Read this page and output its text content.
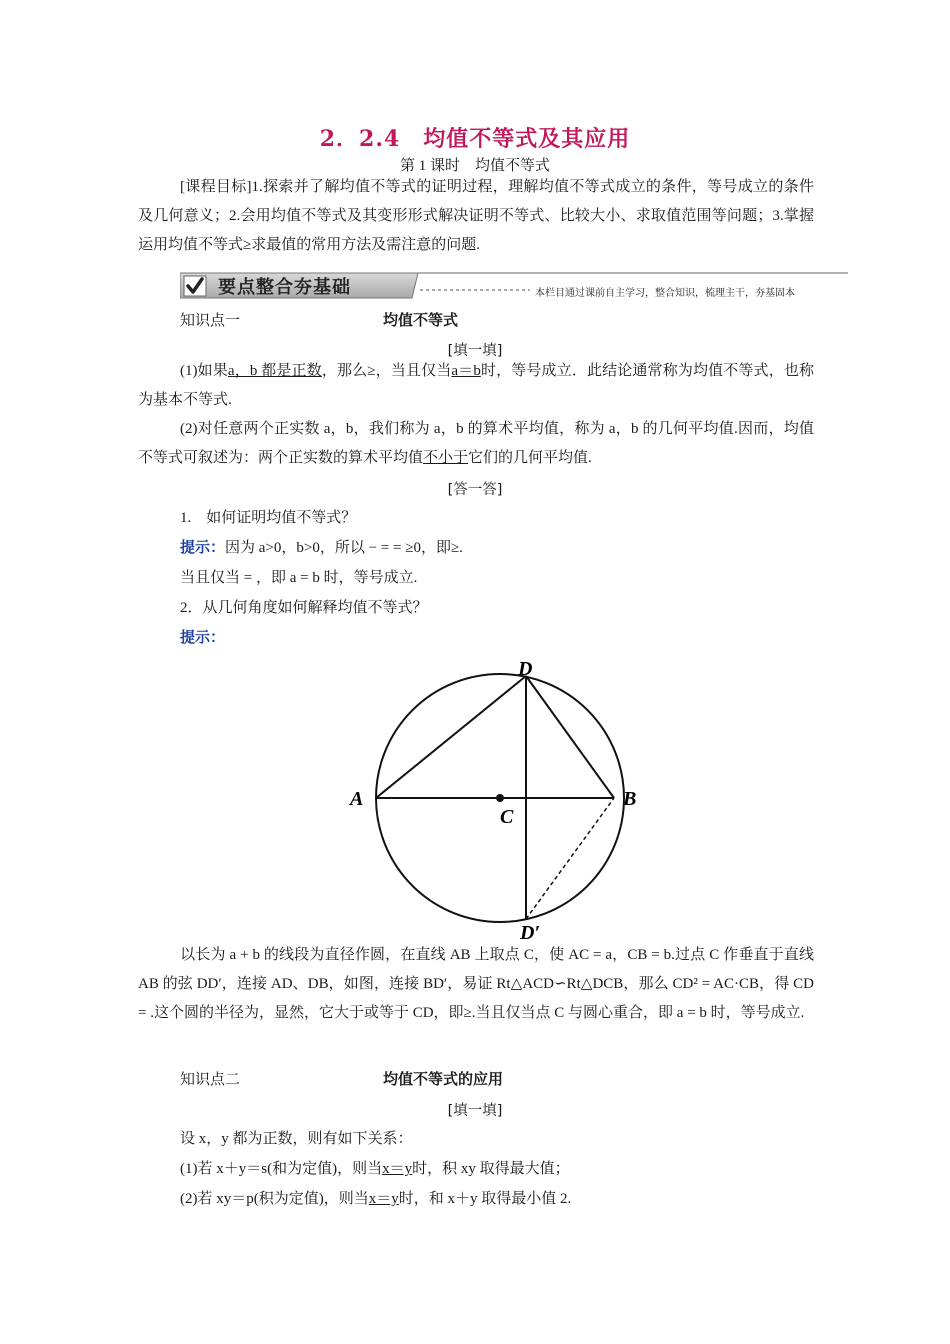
2．2.4　均值不等式及其应用
第 1 课时　均值不等式
[课程目标]1.探索并了解均值不等式的证明过程，理解均值不等式成立的条件，等号成立的条件及几何意义；2.会用均值不等式及其变形形式解决证明不等式、比较大小、求取值范围等问题；3.掌握运用均值不等式≥求最值的常用方法及需注意的问题.
要点整合夯基础	本栏目通过课前自主学习，整合知识，梳理主干，夯基固本
知识点一	均值不等式
[填一填]
(1)如果a，b 都是正数，那么≥，当且仅当a＝b时，等号成立．此结论通常称为均值不等式，也称为基本不等式.
(2)对任意两个正实数 a，b，我们称为 a，b 的算术平均值，称为 a，b 的几何平均值.因而，均值不等式可叙述为：两个正实数的算术平均值不小于它们的几何平均值.
[答一答]
1.　如何证明均值不等式？
提示：因为 a>0，b>0，所以 − = = ≥0，即≥.
当且仅当 = ，即 a = b 时，等号成立.
2．从几何角度如何解释均值不等式？
提示：
A	B
C
D
D′
以长为 a + b 的线段为直径作圆，在直线 AB 上取点 C，使 AC = a，CB = b.过点 C 作垂直于直线 AB 的弦 DD′，连接 AD、DB，如图，连接 BD′，易证 Rt△ACD∽Rt△DCB，那么 CD² = AC·CB，得 CD = .这个圆的半径为，显然，它大于或等于 CD，即≥.当且仅当点 C 与圆心重合，即 a = b 时，等号成立.
知识点二	均值不等式的应用
[填一填]
设 x，y 都为正数，则有如下关系：
(1)若 x＋y＝s(和为定值)，则当x＝y时，积 xy 取得最大值；
(2)若 xy＝p(积为定值)，则当x＝y时，和 x＋y 取得最小值 2.
